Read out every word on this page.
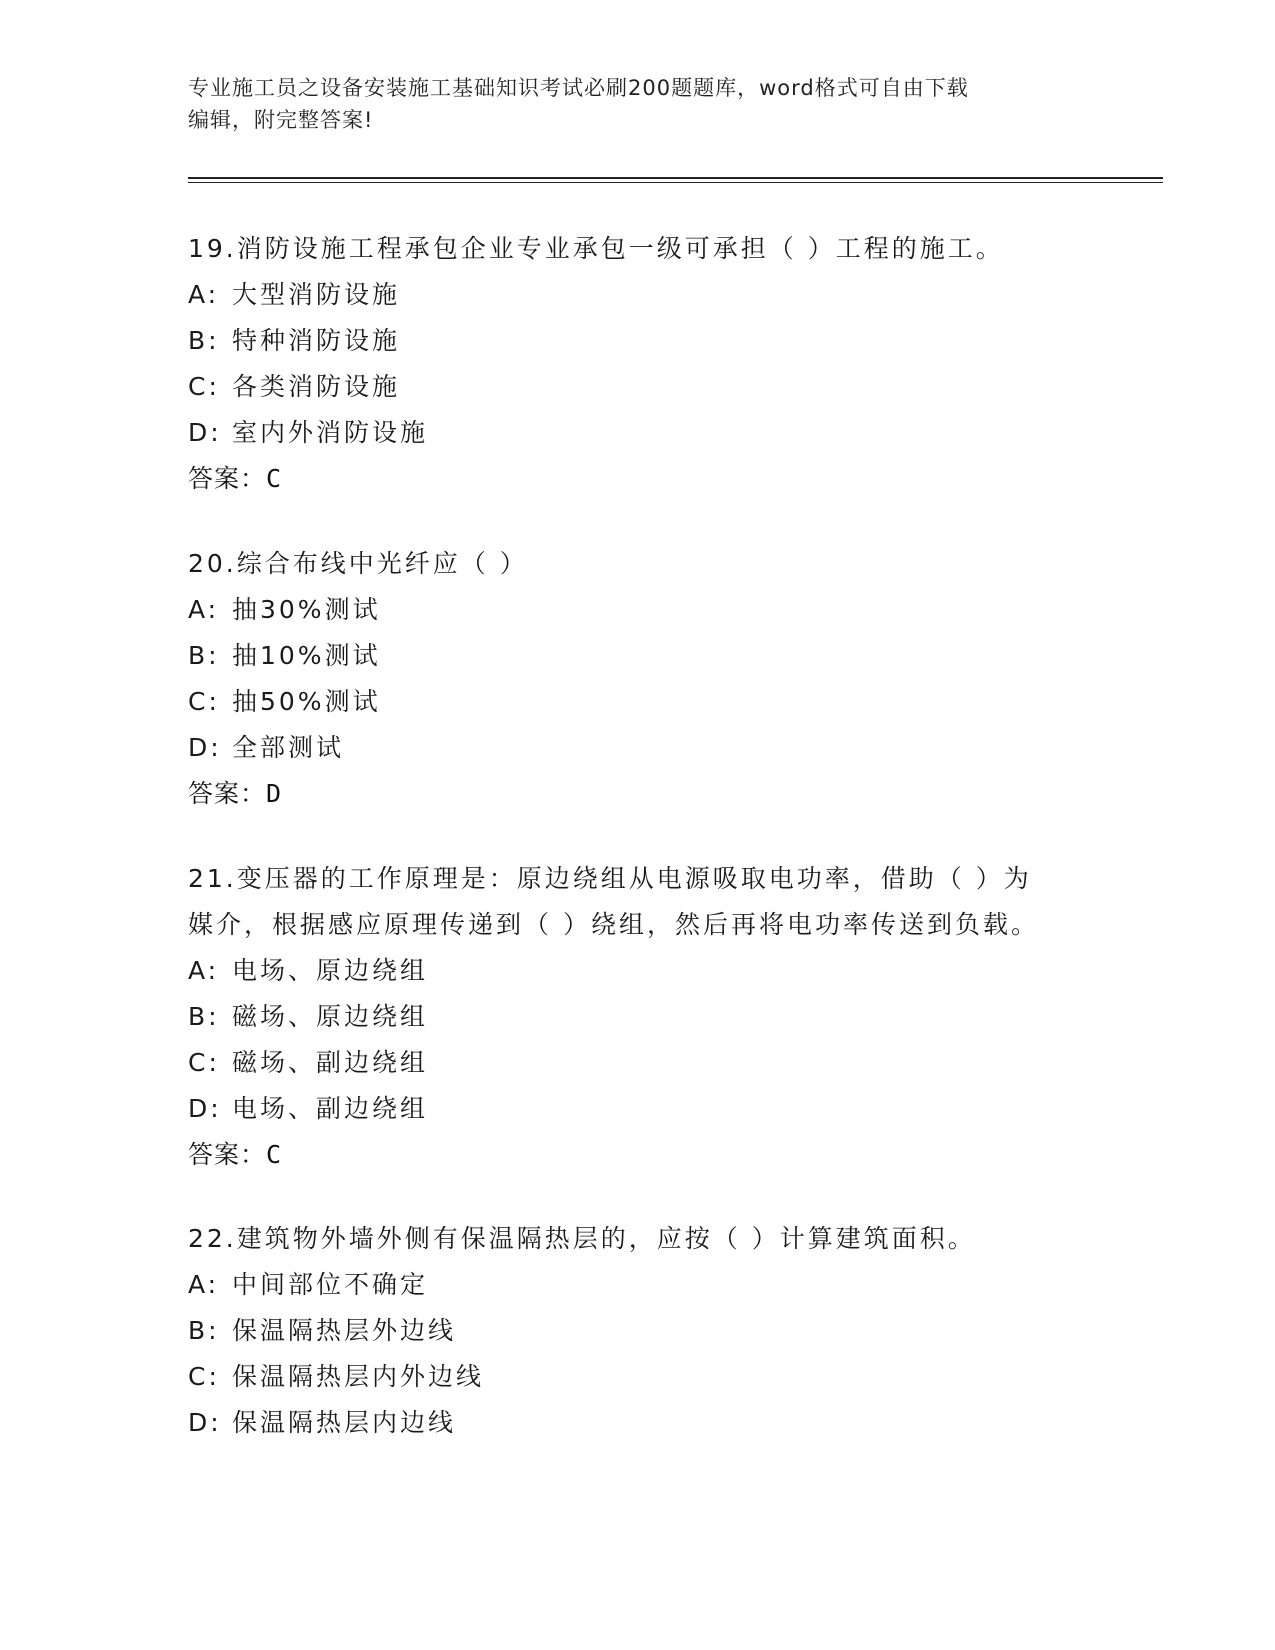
专业施工员之设备安装施工基础知识考试必刷200题题库，word格式可自由下载
编辑，附完整答案!

19.消防设施工程承包企业专业承包一级可承担（ ）工程的施工。

A: 大型消防设施

B: 特种消防设施

C: 各类消防设施

D: 室内外消防设施

答案：C

20.综合布线中光纤应（ ）

A: 抽30%测试

B: 抽10%测试

C: 抽50%测试

D: 全部测试

答案：D

21.变压器的工作原理是：原边绕组从电源吸取电功率，借助（ ）为

媒介，根据感应原理传递到（ ）绕组，然后再将电功率传送到负载。

A: 电场、原边绕组

B: 磁场、原边绕组

C: 磁场、副边绕组

D: 电场、副边绕组

答案：C

22.建筑物外墙外侧有保温隔热层的，应按（ ）计算建筑面积。

A: 中间部位不确定

B: 保温隔热层外边线

C: 保温隔热层内外边线

D: 保温隔热层内边线
